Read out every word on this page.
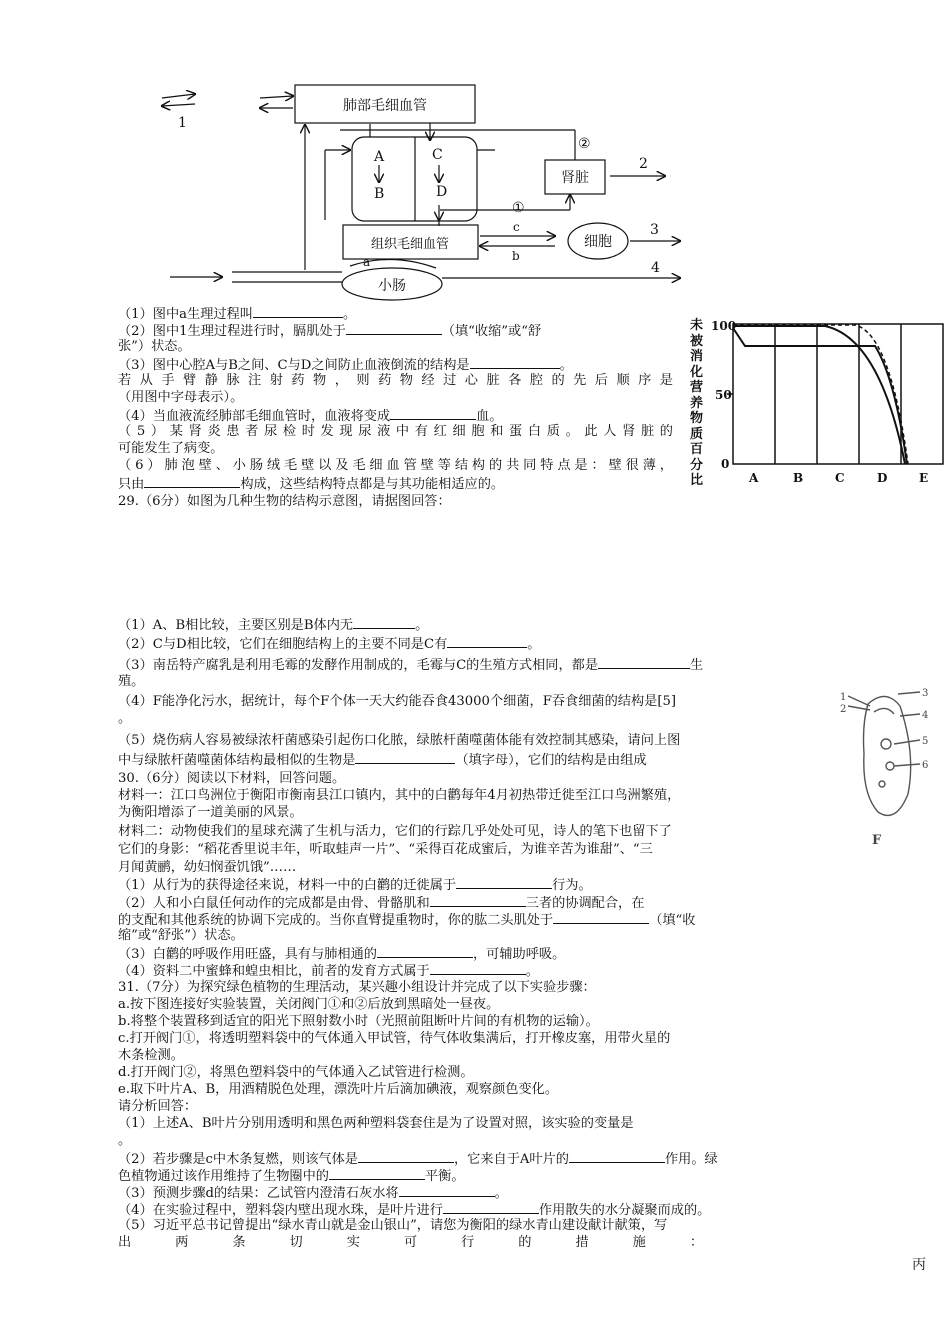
肺部毛细血管
组织毛细血管
肾脏
细胞
小肠
A
B
C
D
1
2
3
4
①
②
a	b
c
未被消化营养物质百分比
100
50
0
A	B	C	D	E
（1）图中a生理过程叫	。
（2）图中1生理过程进行时，膈肌处于	（填“收缩”或“舒
张”）状态。
（3）图中心腔A与B之间、C与D之间防止血液倒流的结构是	。
若从手臂静脉注射药物，则药物经过心脏各腔的先后顺序是
（用图中字母表示）。
（4）当血液流经肺部毛细血管时，血液将变成	血。
（5）某肾炎患者尿检时发现尿液中有红细胞和蛋白质。此人肾脏的
可能发生了病变。
（6）肺泡壁、小肠绒毛壁以及毛细血管壁等结构的共同特点是：壁很薄，
只由	构成，这些结构特点都是与其功能相适应的。
29.（6分）如图为几种生物的结构示意图，请据图回答：
（1）A、B相比较，主要区别是B体内无	。
（2）C与D相比较，它们在细胞结构上的主要不同是C有	。
（3）南岳特产腐乳是利用毛霉的发酵作用制成的，毛霉与C的生殖方式相同，都是	生
殖。
（4）F能净化污水，据统计，每个F个体一天大约能吞食43000个细菌，F吞食细菌的结构是[5]
。
（5）烧伤病人容易被绿浓杆菌感染引起伤口化脓，绿脓杆菌噬菌体能有效控制其感染，请问上图
中与绿脓杆菌噬菌体结构最相似的生物是	（填字母），它们的结构是由组成
1
2
3
4
5
6
F
30.（6分）阅读以下材料，回答问题。
材料一：江口鸟洲位于衡阳市衡南县江口镇内，其中的白鹳每年4月初热带迁徙至江口鸟洲繁殖，
为衡阳增添了一道美丽的风景。
材料二：动物使我们的星球充满了生机与活力，它们的行踪几乎处处可见，诗人的笔下也留下了
它们的身影：“稻花香里说丰年，听取蛙声一片”、“采得百花成蜜后，为谁辛苦为谁甜”、“三
月闻黄鹂，幼妇悯蚕饥饿”……
（1）从行为的获得途径来说，材料一中的白鹳的迁徙属于	行为。
（2）人和小白鼠任何动作的完成都是由骨、骨骼肌和	三者的协调配合，在
的支配和其他系统的协调下完成的。当你直臂提重物时，你的肱二头肌处于	（填“收
缩”或“舒张”）状态。
（3）白鹳的呼吸作用旺盛，具有与肺相通的	，可辅助呼吸。
（4）资料二中蜜蜂和蝗虫相比，前者的发育方式属于	。
31.（7分）为探究绿色植物的生理活动，某兴趣小组设计并完成了以下实验步骤：
a.按下图连接好实验装置，关闭阀门①和②后放到黑暗处一昼夜。
b.将整个装置移到适宜的阳光下照射数小时（光照前阻断叶片间的有机物的运输）。
c.打开阀门①，将透明塑料袋中的气体通入甲试管，待气体收集满后，打开橡皮塞，用带火星的
木条检测。
d.打开阀门②，将黑色塑料袋中的气体通入乙试管进行检测。
e.取下叶片A、B，用酒精脱色处理，漂洗叶片后滴加碘液，观察颜色变化。
请分析回答：
（1）上述A、B叶片分别用透明和黑色两种塑料袋套住是为了设置对照，该实验的变量是
。
（2）若步骤是c中木条复燃，则该气体是	，它来自于A叶片的	作用。绿
色植物通过该作用维持了生物圈中的	平衡。
（3）预测步骤d的结果：乙试管内澄清石灰水将	。
（4）在实验过程中，塑料袋内壁出现水珠，是叶片进行	作用散失的水分凝聚而成的。
（5）习近平总书记曾提出“绿水青山就是金山银山”，请您为衡阳的绿水青山建设献计献策，写
出两条切实可行的措施：
丙
